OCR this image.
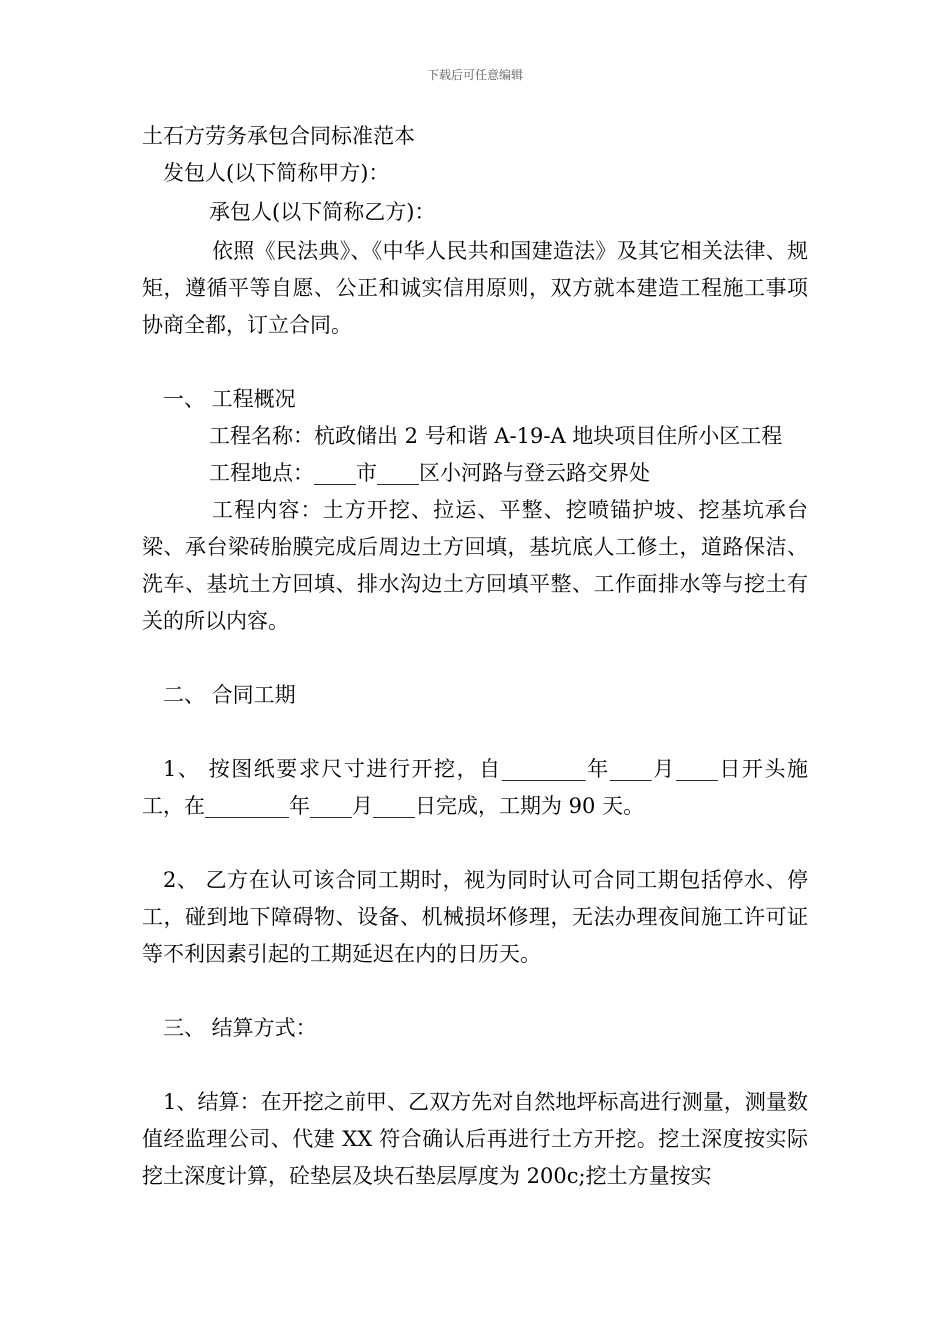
下载后可任意编辑

土石方劳务承包合同标准范本

发包人(以下简称甲方)：

承包人(以下简称乙方)：

依照《民法典》、《中华人民共和国建造法》及其它相关法律、规矩，遵循平等自愿、公正和诚实信用原则，双方就本建造工程施工事项协商全都，订立合同。

一、 工程概况

工程名称：杭政储出 2 号和谐 A-19-A 地块项目住所小区工程

工程地点：____市____区小河路与登云路交界处

工程内容：土方开挖、拉运、平整、挖喷锚护坡、挖基坑承台梁、承台梁砖胎膜完成后周边土方回填，基坑底人工修土，道路保洁、洗车、基坑土方回填、排水沟边土方回填平整、工作面排水等与挖土有关的所以内容。

二、 合同工期

1、 按图纸要求尺寸进行开挖，自________年____月____日开头施工，在________年____月____日完成，工期为 90 天。

2、 乙方在认可该合同工期时，视为同时认可合同工期包括停水、停工，碰到地下障碍物、设备、机械损坏修理，无法办理夜间施工许可证等不利因素引起的工期延迟在内的日历天。

三、 结算方式：

1、结算：在开挖之前甲、乙双方先对自然地坪标高进行测量，测量数值经监理公司、代建 XX 符合确认后再进行土方开挖。挖土深度按实际挖土深度计算，砼垫层及块石垫层厚度为 200c;挖土方量按实
